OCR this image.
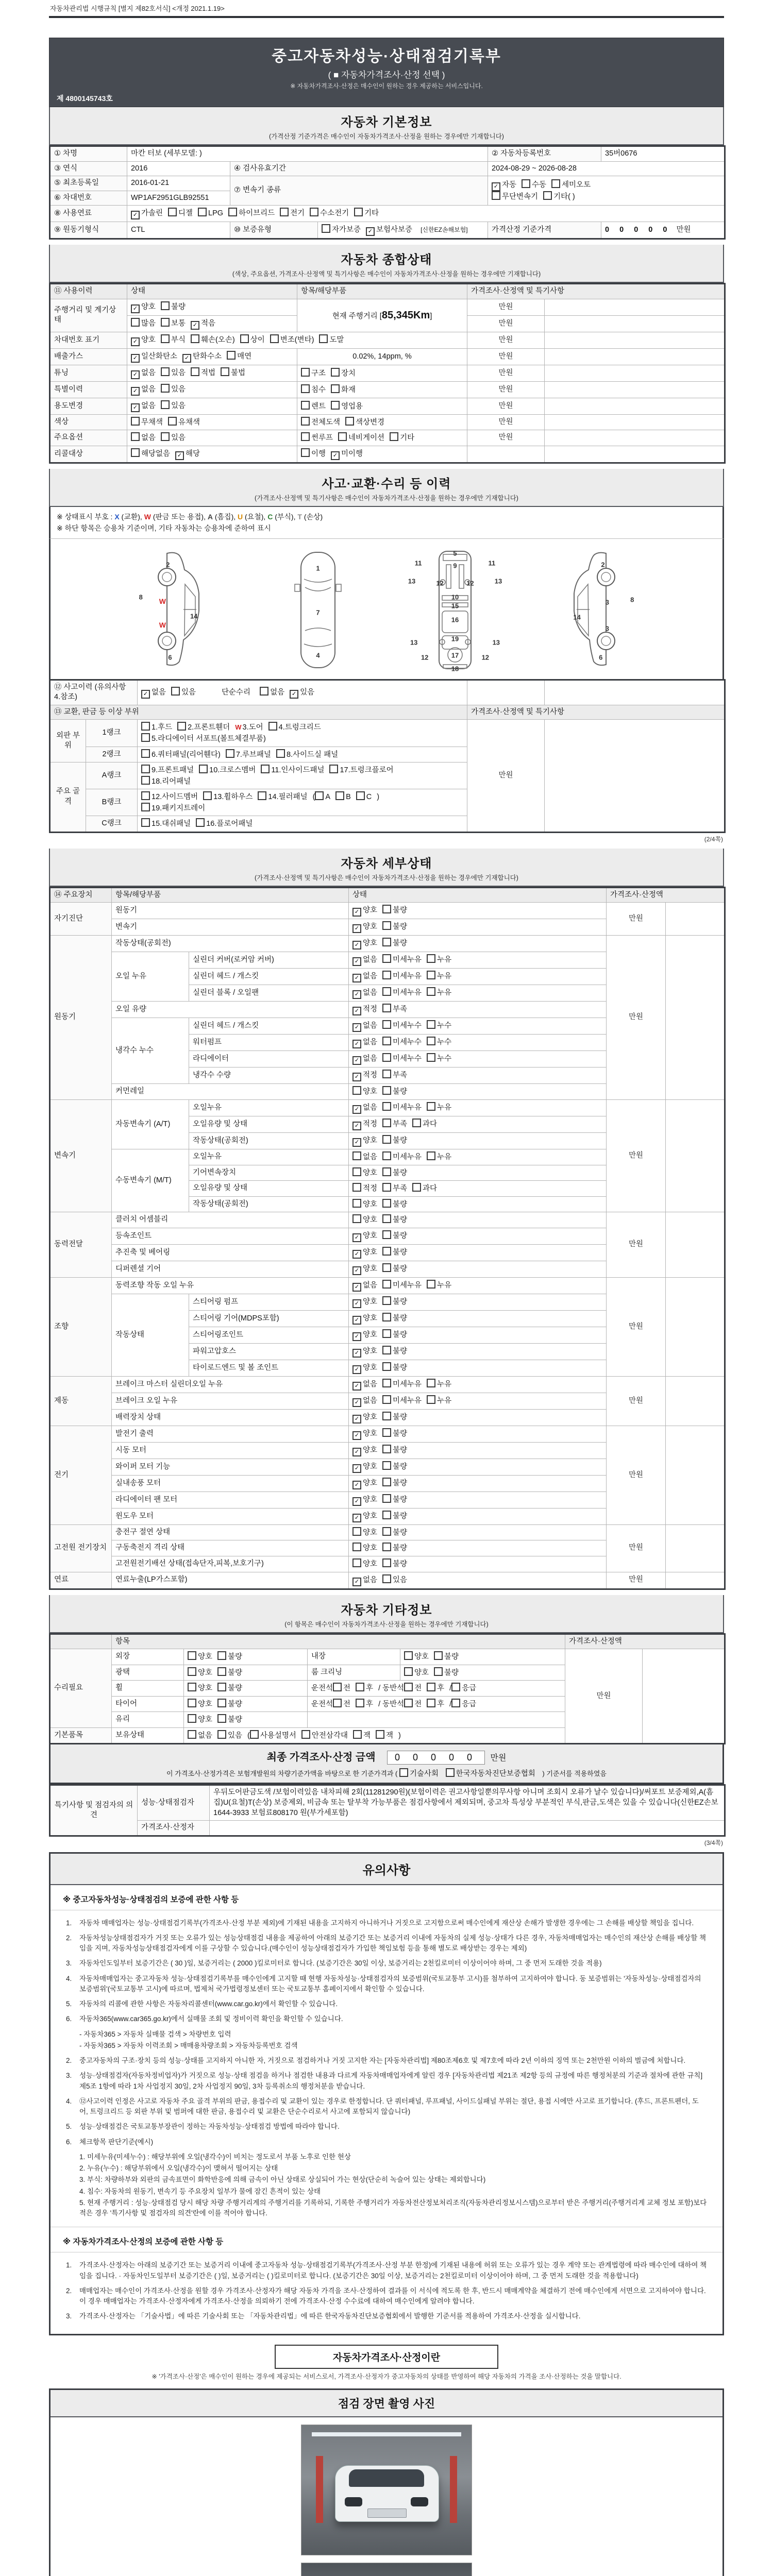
자동차관리법 시행규칙 [별지 제82호서식] <개정 2021.1.19>
중고자동차성능·상태점검기록부
( ■ 자동차가격조사·산정 선택 )
※ 자동차가격조사·산정은 매수인이 원하는 경우 제공하는 서비스입니다.
제 4800145743호
자동차 기본정보
(가격산정 기준가격은 매수인이 자동차가격조사·산정을 원하는 경우에만 기재합니다)
① 차명	마칸 터보 (세부모델: )			② 자동차등록번호	35버0676
③ 연식	2016	④ 검사유효기간		2024-08-29 ~ 2026-08-28	
⑤ 최초등록일	2016-01-21	⑦ 변속기 종류		✓ 자동 수동 세미오토
무단변속기 기타( )	
⑥ 차대번호	WP1AF2951GLB92551				
⑧ 사용연료	✓ 가솔린 디젤 LPG 하이브리드 전기 수소전기 기타				
⑨ 원동기형식	CTL	⑩ 보증유형	자가보증 ✓ 보험사보증 [신한EZ손해보험]	가격산정 기준가격	0 0 0 0 0 만원
자동차 종합상태
(색상, 주요옵션, 가격조사·산정액 및 특기사항은 매수인이 자동차가격조사·산정을 원하는 경우에만 기재합니다)
⑪ 사용이력	상태	항목/해당부품	가격조사·산정액 및 특기사항	
주행거리 및 계기상태	✓ 양호 불량	현재 주행거리 [85,345Km]	만원	
	많음 보통 ✓ 적음		만원	
차대번호 표기	✓ 양호 부식 훼손(오손) 상이 변조(변타) 도말		만원	
배출가스	✓ 일산화탄소 ✓ 탄화수소 매연	0.02%, 14ppm, %	만원	
튜닝	✓ 없음 있음 적법 불법	구조 장치	만원	
특별이력	✓ 없음 있음	침수 화재	만원	
용도변경	✓ 없음 있음	렌트 영업용	만원	
색상	무채색 유채색	전체도색 색상변경	만원	
주요옵션	없음 있음	썬루프 네비게이션 기타	만원	
리콜대상	해당없음 ✓ 해당	이행 ✓ 미이행		
사고·교환·수리 등 이력
(가격조사·산정액 및 특기사항은 매수인이 자동차가격조사·산정을 원하는 경우에만 기재합니다)
※ 상태표시 부호 : X (교환), W (판금 또는 용접), A (흠집), U (요철), C (부식), T (손상)
※ 하단 항목은 승용차 기준이며, 기타 자동차는 승용차에 준하여 표시
2
8 W
W
14
6
1
7
4
5
11	11
9
13	13
12	12
10
15
16
19
13	13
17
12	12
18
2
3	8
14
3
6
⑫ 사고이력 (유의사항 4.참조)		✓ 없음 있음 단순수리 없음 ✓ 있음		
⑬ 교환, 판금 등 이상 부위			가격조사·산정액 및 특기사항	
외판 부위	1랭크	1.후드 2.프론트휀더 W 3.도어 4.트렁크리드
5.라디에이터 서포트(볼트체결부품)	만원	
	2랭크	6.쿼터패널(리어휀다) 7.루브패널 8.사이드실 패널		
주요 골격	A랭크	9.프론트패널 10.크로스멤버 11.인사이드패널 17.트렁크플로어
18.리어패널		
	B랭크	12.사이드멤버 13.휠하우스 14.필러패널 (A B C)
19.패키지트레이		
	C랭크	15.대쉬패널 16.플로어패널		
(2/4쪽)
자동차 세부상태
(가격조사·산정액 및 특기사항은 매수인이 자동차가격조사·산정을 원하는 경우에만 기재합니다)
⑭ 주요장치	항목/해당부품		상태	가격조사·산정액	
자기진단	원동기		✓ 양호 불량	만원	
	변속기		✓ 양호 불량		
원동기	작동상태(공회전)		✓ 양호 불량	만원	
	오일 누유	실린더 커버(로커암 커버)	✓ 없음 미세누유 누유		
		실린더 헤드 / 개스킷	✓ 없음 미세누유 누유		
		실린더 블록 / 오일팬	✓ 없음 미세누유 누유		
	오일 유량		✓ 적정 부족		
	냉각수 누수	실린더 헤드 / 개스킷	✓ 없음 미세누수 누수		
		워터펌프	✓ 없음 미세누수 누수		
		라디에이터	✓ 없음 미세누수 누수		
		냉각수 수량	✓ 적정 부족		
	커먼레일		양호 불량		
변속기	자동변속기 (A/T)	오일누유	✓ 없음 미세누유 누유	만원	
		오일유량 및 상태	✓ 적정 부족 과다		
		작동상태(공회전)	✓ 양호 불량		
	수동변속기 (M/T)	오일누유	없음 미세누유 누유		
		기어변속장치	양호 불량		
		오일유량 및 상태	적정 부족 과다		
		작동상태(공회전)	양호 불량		
동력전달	클러치 어셈블리		양호 불량	만원	
	등속조인트		✓ 양호 불량		
	추진축 및 베어링		✓ 양호 불량		
	디퍼렌셜 기어		✓ 양호 불량		
조향	동력조향 작동 오일 누유		✓ 없음 미세누유 누유	만원	
	작동상태	스티어링 펌프	✓ 양호 불량		
		스티어링 기어(MDPS포함)	✓ 양호 불량		
		스티어링조인트	✓ 양호 불량		
		파워고압호스	✓ 양호 불량		
		타이로드엔드 및 볼 조인트	✓ 양호 불량		
제동	브레이크 마스터 실린더오일 누유		✓ 없음 미세누유 누유	만원	
	브레이크 오일 누유		✓ 없음 미세누유 누유		
	배력장치 상태		✓ 양호 불량		
전기	발전기 출력		✓ 양호 불량	만원	
	시동 모터		✓ 양호 불량		
	와이퍼 모터 기능		✓ 양호 불량		
	실내송풍 모터		✓ 양호 불량		
	라디에이터 팬 모터		✓ 양호 불량		
	윈도우 모터		✓ 양호 불량		
고전원 전기장치	충전구 절연 상태		양호 불량	만원	
	구동축전지 격리 상태		양호 불량		
	고전원전기배선 상태(접속단자,피복,보호기구)		양호 불량		
연료	연료누출(LP가스포함)		✓ 없음 있음	만원	
자동차 기타정보
(이 항목은 매수인이 자동차가격조사·산정을 원하는 경우에만 기재합니다)
	항목				가격조사·산정액	
수리필요	외장	양호 불량	내장	양호 불량	만원	
	광택	양호 불량	룸 크리닝	양호 불량		
	휠	양호 불량	운전석 전 후 / 동반석 전 후 /응급			
	타이어	양호 불량	운전석 전 후 / 동반석 전 후 /응급			
	유리	양호 불량				
기본품목	보유상태	없음 있음 (사용설명서 안전삼각대 잭 잭)				
최종 가격조사·산정 금액 0 0 0 0 0 만원
이 가격조사·산정가격은 보험개발원의 차량기준가액을 바탕으로 한 기준가격과 ( 기술사회 한국자동차진단보증협회 ) 기준서를 적용하였음
특기사항 및 점검자의 의견	성능·상태점검자	우뒤도어판금도색 /보험이력있음 내차피해 2회(11281290원)(보험이력은 권고사항일뿐의무사항 아니며 조회시 오류가 날수 있습니다)/써포트 보증제외,A(흠집)U(요철)T(손상) 보증제외, 비금속 또는 탈부착 가능부품은 점검사항에서 제외되며, 중고차 특성상 부분적인 부식,판금,도색은 있을 수 있습니다(신한EZ손보1644-3933 보험료808170 원(부가세포함)
	가격조사·산정자	
(3/4쪽)
유의사항
※ 중고자동차성능·상태점검의 보증에 관한 사항 등
1.	자동차 매매업자는 성능·상태점검기록부(가격조사·산정 부분 제외)에 기재된 내용을 고지하지 아니하거나 거짓으로 고지함으로써 매수인에게 재산상 손해가 발생한 경우에는 그 손해를 배상할 책임을 집니다.
2.	자동차성능상태점검자가 거짓 또는 오류가 있는 성능상태점검 내용을 제공하여 아래의 보증기간 또는 보증거리 이내에 자동차의 실제 성능·상태가 다른 경우, 자동차매매업자는 매수인의 재산상 손해를 배상할 책임을 지며, 자동차성능상태점검자에게 이를 구상할 수 있습니다.(매수인이 성능상태점검자가 가입한 책임보험 등을 통해 별도로 배상받는 경우는 제외)
3.	자동차인도일부터 보증기간은 ( 30 )일, 보증거리는 ( 2000 )킬로미터로 합니다. (보증기간은 30일 이상, 보증거리는 2천킬로미터 이상이어야 하며, 그 중 먼저 도래한 것을 적용)
4.	자동차매매업자는 중고자동차 성능·상태점검기록부를 매수인에게 고지할 때 현행 자동차성능·상태점검자의 보증범위(국토교통부 고시)를 첨부하여 고지하여야 합니다. 동 보증범위는 '자동차성능·상태점검자의 보증범위'(국토교통부 고시)에 따르며, 법제처 국가법령정보센터 또는 국토교통부 홈페이지에서 확인할 수 있습니다.
5.	자동차의 리콜에 관한 사항은 자동차리콜센터(www.car.go.kr)에서 확인할 수 있습니다.
6.	자동차365(www.car365.go.kr)에서 실매물 조회 및 정비이력 확인을 확인할 수 있습니다.
- 자동차365 > 자동차 실매물 검색 > 차량번호 입력
- 자동차365 > 자동차 이력조회 > 매매용차량조회 > 자동차등록번호 검색
2.	중고자동차의 구조·장치 등의 성능·상태를 고지하지 아니한 자, 거짓으로 점검하거나 거짓 고지한 자는 [자동차관리법] 제80조제6호 및 제7호에 따라 2년 이하의 징역 또는 2천만원 이하의 벌금에 처합니다.
3.	성능·상태점검자(자동차정비업자)가 거짓으로 성능·상태 점검을 하거나 점검한 내용과 다르게 자동차매매업자에게 알린 경우 [자동차관리법 제21조 제2항 등의 규정에 따른 행정처분의 기준과 절차에 관한 규칙] 제5조 1항에 따라 1차 사업정지 30일, 2차 사업정지 90일, 3차 등록취소의 행정처분을 받습니다.
4.	⑫사고이력 인정은 사고로 자동차 주요 골격 부위의 판금, 용접수리 및 교환이 있는 경우로 한정합니다. 단 쿼터패널, 루프패널, 사이드실패널 부위는 절단, 용접 시에만 사고로 표기합니다. (후드, 프론트펜더, 도어, 트렁크리드 등 외판 부위 및 범퍼에 대한 판금, 용접수리 및 교환은 단순수리로서 사고에 포함되지 않습니다)
5.	성능·상태점검은 국토교통부장관이 정하는 자동차성능·상태점검 방법에 따라야 합니다.
6.	체크항목 판단기준(예시)
1. 미세누유(미세누수) : 해당부위에 오일(냉각수)이 비치는 정도로서 부품 노후로 인한 현상
2. 누유(누수) : 해당부위에서 오일(냉각수)이 맺혀서 떨어지는 상태
3. 부식: 차량하부와 외판의 금속표면이 화학반응에 의해 금속이 아닌 상태로 상실되어 가는 현상(단순히 녹슬어 있는 상태는 제외합니다)
4. 침수: 자동차의 원동기, 변속기 등 주요장치 일부가 물에 잠긴 흔적이 있는 상태
5. 현재 주행거리 : 성능·상태점검 당시 해당 차량 주행거리계의 주행거리를 기록하되, 기록한 주행거리가 자동차전산정보처리조직(자동차관리정보시스템)으로부터 받은 주행거리(주행거리계 교체 정보 포함)보다 적은 경우 '특기사항 및 점검자의 의견'란에 이를 적어야 합니다.
※ 자동차가격조사·산정의 보증에 관한 사항 등
1.	가격조사·산정자는 아래의 보증기간 또는 보증거리 이내에 중고자동차 성능·상태점검기록부(가격조사·산정 부분 한정)에 기재된 내용에 허위 또는 오류가 있는 경우 계약 또는 관계법령에 따라 매수인에 대하여 책임을 집니다. · 자동차인도일부터 보증기간은 ( )일, 보증거리는 ( )킬로미터로 합니다. (보증기간은 30일 이상, 보증거리는 2천킬로미터 이상이어야 하며, 그 중 먼저 도래한 것을 적용합니다)
2.	매매업자는 매수인이 가격조사·산정을 원할 경우 가격조사·산정자가 해당 자동차 가격을 조사·산정하여 결과를 이 서식에 적도록 한 후, 반드시 매매계약을 체결하기 전에 매수인에게 서면으로 고지하여야 합니다. 이 경우 매매업자는 가격조사·산정자에게 가격조사·산정을 의뢰하기 전에 가격조사·산정 수수료에 대하여 매수인에게 알려야 합니다.
3.	가격조사·산정자는 「기술사법」에 따른 기술사회 또는 「자동차관리법」에 따른 한국자동차진단보증협회에서 발행한 기준서를 적용하여 가격조사·산정을 실시합니다.
자동차가격조사·산정이란
※ '가격조사·산정'은 매수인이 원하는 경우에 제공되는 서비스로서, 가격조사·산정자가 중고자동차의 상태를 반영하여 해당 자동차의 가격을 조사·산정하는 것을 말합니다.
점검 장면 촬영 사진
